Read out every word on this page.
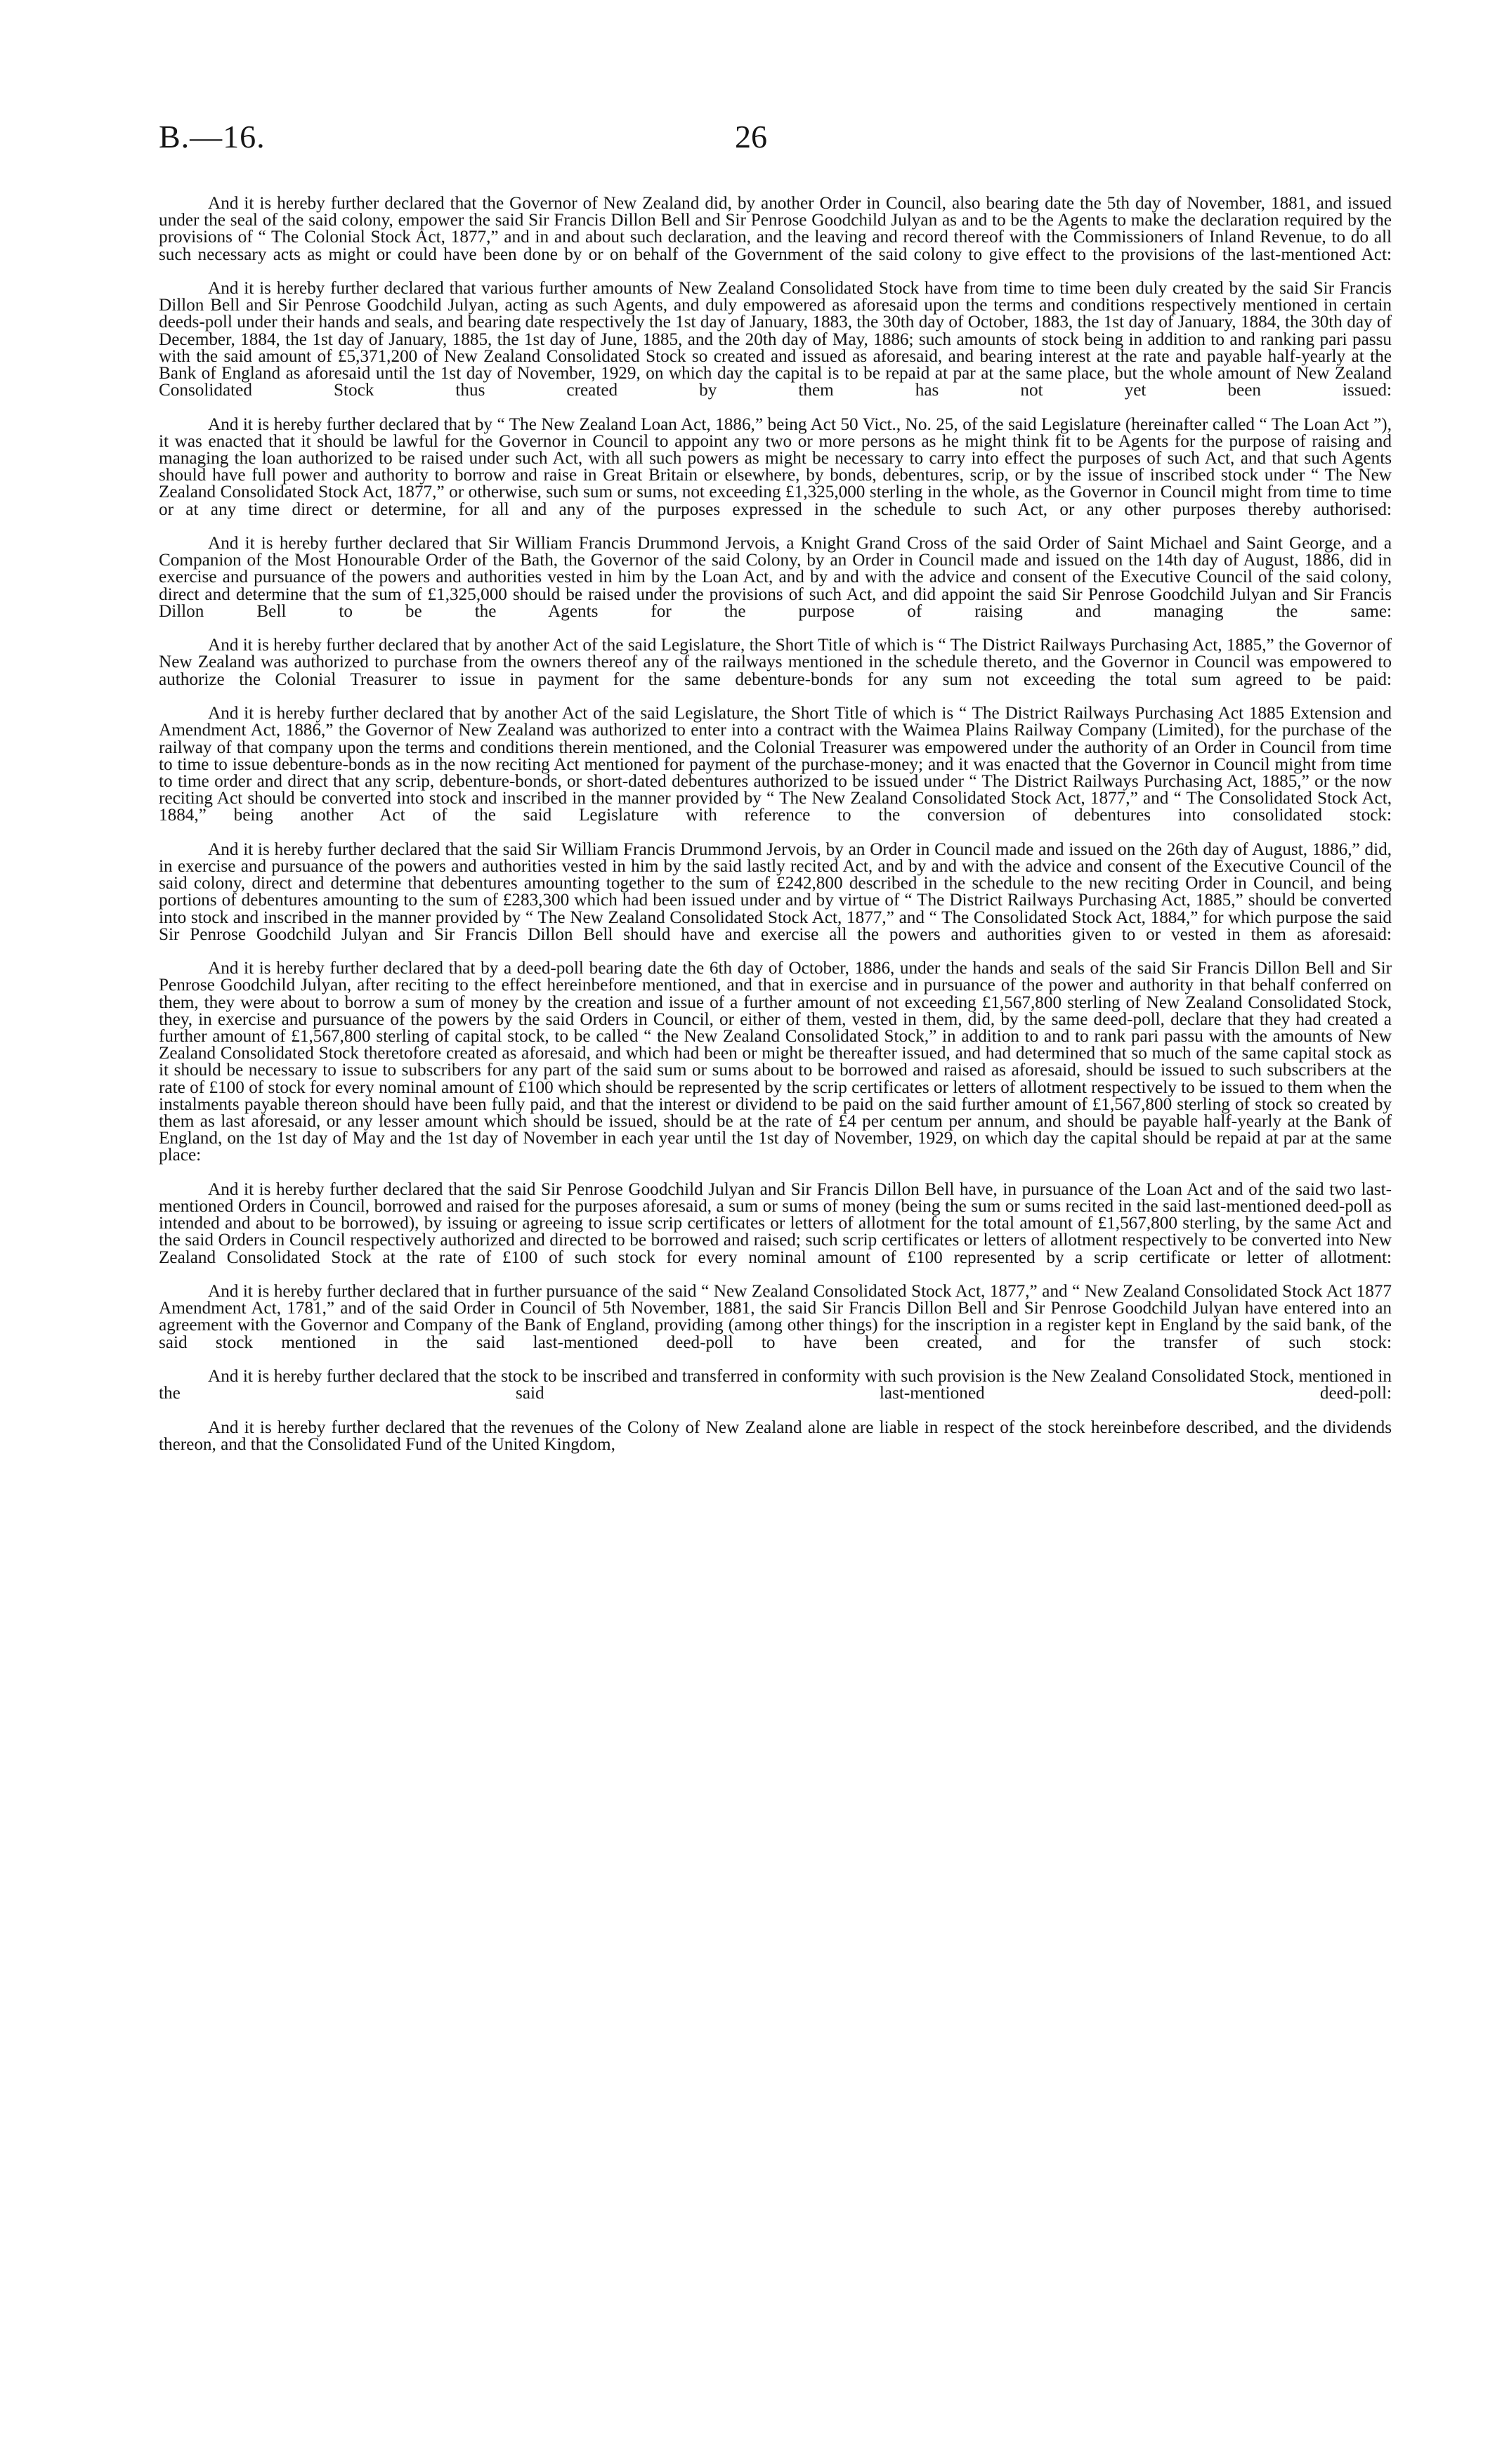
B.—16.	26

And it is hereby further declared that the Governor of New Zealand did, by another Order in Council, also bearing date the 5th day of November, 1881, and issued under the seal of the said colony, empower the said Sir Francis Dillon Bell and Sir Penrose Goodchild Julyan as and to be the Agents to make the declaration required by the provisions of “ The Colonial Stock Act, 1877,” and in and about such declaration, and the leaving and record thereof with the Commissioners of Inland Revenue, to do all such necessary acts as might or could have been done by or on behalf of the Government of the said colony to give effect to the provisions of the last-mentioned Act:

And it is hereby further declared that various further amounts of New Zealand Consolidated Stock have from time to time been duly created by the said Sir Francis Dillon Bell and Sir Penrose Goodchild Julyan, acting as such Agents, and duly empowered as aforesaid upon the terms and conditions respectively mentioned in certain deeds-poll under their hands and seals, and bearing date respectively the 1st day of January, 1883, the 30th day of October, 1883, the 1st day of January, 1884, the 30th day of December, 1884, the 1st day of January, 1885, the 1st day of June, 1885, and the 20th day of May, 1886; such amounts of stock being in addition to and ranking pari passu with the said amount of £5,371,200 of New Zealand Consolidated Stock so created and issued as aforesaid, and bearing interest at the rate and payable half-yearly at the Bank of England as aforesaid until the 1st day of November, 1929, on which day the capital is to be repaid at par at the same place, but the whole amount of New Zealand Consolidated Stock thus created by them has not yet been issued:

And it is hereby further declared that by “ The New Zealand Loan Act, 1886,” being Act 50 Vict., No. 25, of the said Legislature (hereinafter called “ The Loan Act ”), it was enacted that it should be lawful for the Governor in Council to appoint any two or more persons as he might think fit to be Agents for the purpose of raising and managing the loan authorized to be raised under such Act, with all such powers as might be necessary to carry into effect the purposes of such Act, and that such Agents should have full power and authority to borrow and raise in Great Britain or elsewhere, by bonds, debentures, scrip, or by the issue of inscribed stock under “ The New Zealand Consolidated Stock Act, 1877,” or otherwise, such sum or sums, not exceeding £1,325,000 sterling in the whole, as the Governor in Council might from time to time or at any time direct or determine, for all and any of the purposes expressed in the schedule to such Act, or any other purposes thereby authorised:

And it is hereby further declared that Sir William Francis Drummond Jervois, a Knight Grand Cross of the said Order of Saint Michael and Saint George, and a Companion of the Most Honourable Order of the Bath, the Governor of the said Colony, by an Order in Council made and issued on the 14th day of August, 1886, did in exercise and pursuance of the powers and authorities vested in him by the Loan Act, and by and with the advice and consent of the Executive Council of the said colony, direct and determine that the sum of £1,325,000 should be raised under the provisions of such Act, and did appoint the said Sir Penrose Goodchild Julyan and Sir Francis Dillon Bell to be the Agents for the purpose of raising and managing the same:

And it is hereby further declared that by another Act of the said Legislature, the Short Title of which is “ The District Railways Purchasing Act, 1885,” the Governor of New Zealand was authorized to purchase from the owners thereof any of the railways mentioned in the schedule thereto, and the Governor in Council was empowered to authorize the Colonial Treasurer to issue in payment for the same debenture-bonds for any sum not exceeding the total sum agreed to be paid:

And it is hereby further declared that by another Act of the said Legislature, the Short Title of which is “ The District Railways Purchasing Act 1885 Extension and Amendment Act, 1886,” the Governor of New Zealand was authorized to enter into a contract with the Waimea Plains Railway Company (Limited), for the purchase of the railway of that company upon the terms and conditions therein mentioned, and the Colonial Treasurer was empowered under the authority of an Order in Council from time to time to issue debenture-bonds as in the now reciting Act mentioned for payment of the purchase-money; and it was enacted that the Governor in Council might from time to time order and direct that any scrip, debenture-bonds, or short-dated debentures authorized to be issued under “ The District Railways Purchasing Act, 1885,” or the now reciting Act should be converted into stock and inscribed in the manner provided by “ The New Zealand Consolidated Stock Act, 1877,” and “ The Consolidated Stock Act, 1884,” being another Act of the said Legislature with reference to the conversion of debentures into consolidated stock:

And it is hereby further declared that the said Sir William Francis Drummond Jervois, by an Order in Council made and issued on the 26th day of August, 1886,” did, in exercise and pursuance of the powers and authorities vested in him by the said lastly recited Act, and by and with the advice and consent of the Executive Council of the said colony, direct and determine that debentures amounting together to the sum of £242,800 described in the schedule to the new reciting Order in Council, and being portions of debentures amounting to the sum of £283,300 which had been issued under and by virtue of “ The District Railways Purchasing Act, 1885,” should be converted into stock and inscribed in the manner provided by “ The New Zealand Consolidated Stock Act, 1877,” and “ The Consolidated Stock Act, 1884,” for which purpose the said Sir Penrose Goodchild Julyan and Sir Francis Dillon Bell should have and exercise all the powers and authorities given to or vested in them as aforesaid:

And it is hereby further declared that by a deed-poll bearing date the 6th day of October, 1886, under the hands and seals of the said Sir Francis Dillon Bell and Sir Penrose Goodchild Julyan, after reciting to the effect hereinbefore mentioned, and that in exercise and in pursuance of the power and authority in that behalf conferred on them, they were about to borrow a sum of money by the creation and issue of a further amount of not exceeding £1,567,800 sterling of New Zealand Consolidated Stock, they, in exercise and pursuance of the powers by the said Orders in Council, or either of them, vested in them, did, by the same deed-poll, declare that they had created a further amount of £1,567,800 sterling of capital stock, to be called “ the New Zealand Consolidated Stock,” in addition to and to rank pari passu with the amounts of New Zealand Consolidated Stock theretofore created as aforesaid, and which had been or might be thereafter issued, and had determined that so much of the same capital stock as it should be necessary to issue to subscribers for any part of the said sum or sums about to be borrowed and raised as aforesaid, should be issued to such subscribers at the rate of £100 of stock for every nominal amount of £100 which should be represented by the scrip certificates or letters of allotment respectively to be issued to them when the instalments payable thereon should have been fully paid, and that the interest or dividend to be paid on the said further amount of £1,567,800 sterling of stock so created by them as last aforesaid, or any lesser amount which should be issued, should be at the rate of £4 per centum per annum, and should be payable half-yearly at the Bank of England, on the 1st day of May and the 1st day of November in each year until the 1st day of November, 1929, on which day the capital should be repaid at par at the same place:

And it is hereby further declared that the said Sir Penrose Goodchild Julyan and Sir Francis Dillon Bell have, in pursuance of the Loan Act and of the said two last-mentioned Orders in Council, borrowed and raised for the purposes aforesaid, a sum or sums of money (being the sum or sums recited in the said last-mentioned deed-poll as intended and about to be borrowed), by issuing or agreeing to issue scrip certificates or letters of allotment for the total amount of £1,567,800 sterling, by the same Act and the said Orders in Council respectively authorized and directed to be borrowed and raised; such scrip certificates or letters of allotment respectively to be converted into New Zealand Consolidated Stock at the rate of £100 of such stock for every nominal amount of £100 represented by a scrip certificate or letter of allotment:

And it is hereby further declared that in further pursuance of the said “ New Zealand Consolidated Stock Act, 1877,” and “ New Zealand Consolidated Stock Act 1877 Amendment Act, 1781,” and of the said Order in Council of 5th November, 1881, the said Sir Francis Dillon Bell and Sir Penrose Goodchild Julyan have entered into an agreement with the Governor and Company of the Bank of England, providing (among other things) for the inscription in a register kept in England by the said bank, of the said stock mentioned in the said last-mentioned deed-poll to have been created, and for the transfer of such stock:

And it is hereby further declared that the stock to be inscribed and transferred in conformity with such provision is the New Zealand Consolidated Stock, mentioned in the said last-mentioned deed-poll:

And it is hereby further declared that the revenues of the Colony of New Zealand alone are liable in respect of the stock hereinbefore described, and the dividends thereon, and that the Consolidated Fund of the United Kingdom,
